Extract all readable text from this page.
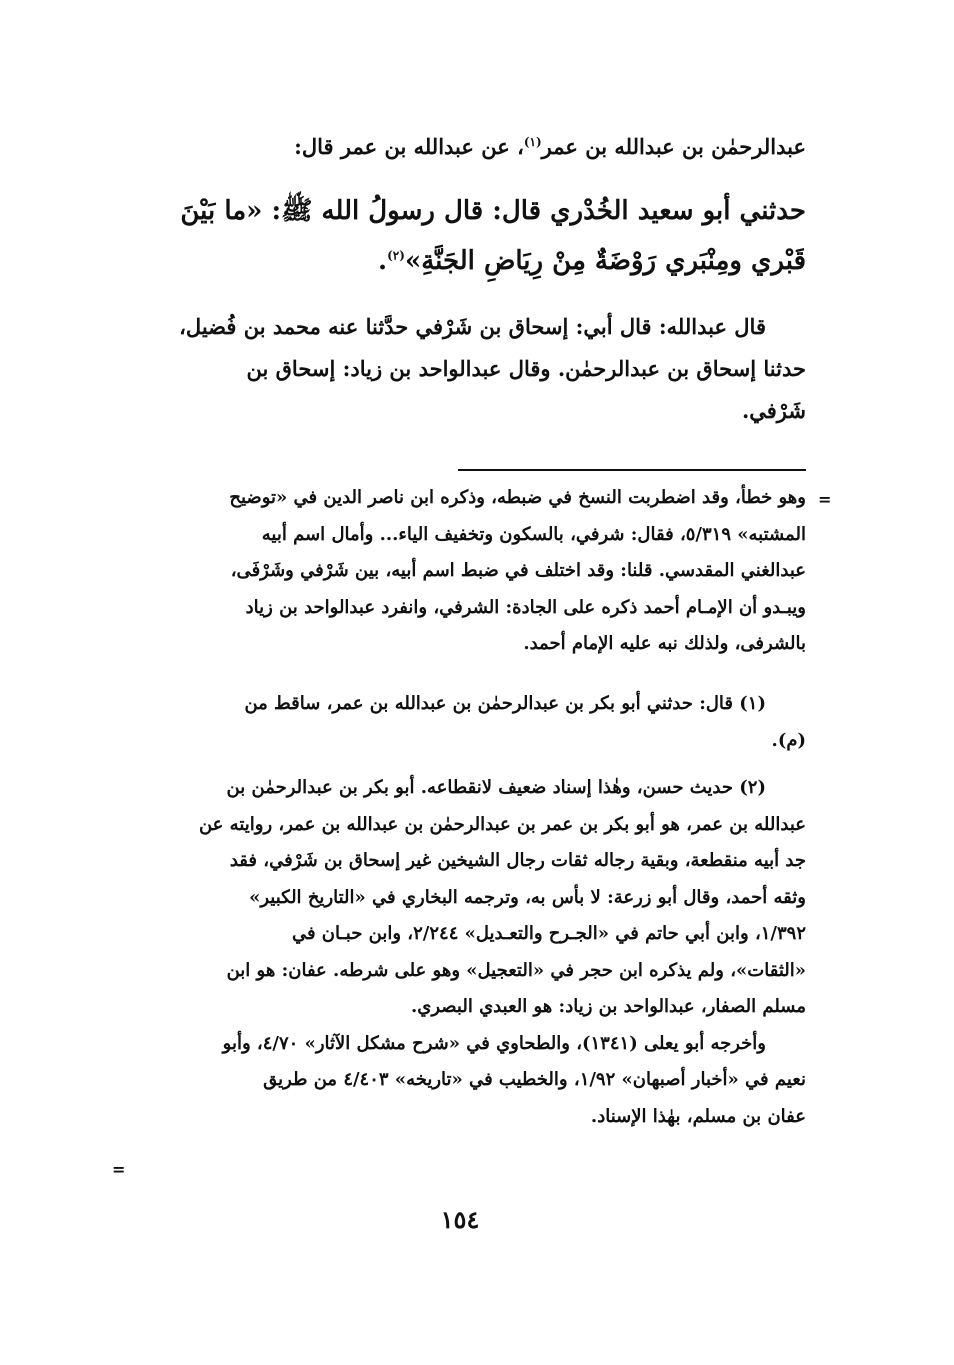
عبدالرحمٰن بن عبدالله بن عمر$^{(١)}$، عن عبدالله بن عمر قال:
حدثني أبو سعيد الخُدْري قال: قال رسولُ الله ﷺ: «ما بَيْنَ
قَبْري ومِنْبَري رَوْضَةٌ مِنْ رِيَاضِ الجَنَّةِ»$^{(٢)}$.
قال عبدالله: قال أبي: إسحاق بن شَرْفي حدَّثنا عنه محمد بن فُضيل،
حدثنا إسحاق بن عبدالرحمٰن. وقال عبدالواحد بن زياد: إسحاق بن
شَرْفي.
=
وهو خطأ، وقد اضطربت النسخ في ضبطه، وذكره ابن ناصر الدين في «توضيح
المشتبه» ٥/٣١٩، فقال: شرفي، بالسكون وتخفيف الياء... وأمال اسم أبيه
عبدالغني المقدسي. قلنا: وقد اختلف في ضبط اسم أبيه، بين شَرْفي وشَرْفَى،
ويبـدو أن الإمـام أحمد ذكره على الجادة: الشرفي، وانفرد عبدالواحد بن زياد
بالشرفى، ولذلك نبه عليه الإمام أحمد.
(١) قال: حدثني أبو بكر بن عبدالرحمٰن بن عبدالله بن عمر، ساقط من
(م).
(٢) حديث حسن، وهٰذا إسناد ضعيف لانقطاعه. أبو بكر بن عبدالرحمٰن بن
عبدالله بن عمر، هو أبو بكر بن عمر بن عبدالرحمٰن بن عبدالله بن عمر، روايته عن
جد أبيه منقطعة، وبقية رجاله ثقات رجال الشيخين غير إسحاق بن شَرْفي، فقد
وثقه أحمد، وقال أبو زرعة: لا بأس به، وترجمه البخاري في «التاريخ الكبير»
١/٣٩٢، وابن أبي حاتم في «الجـرح والتعـديل» ٢/٢٤٤، وابن حبـان في
«الثقات»، ولم يذكره ابن حجر في «التعجيل» وهو على شرطه. عفان: هو ابن
مسلم الصفار، عبدالواحد بن زياد: هو العبدي البصري.
وأخرجه أبو يعلى (١٣٤١)، والطحاوي في «شرح مشكل الآثار» ٤/٧٠، وأبو
نعيم في «أخبار أصبهان» ١/٩٢، والخطيب في «تاريخه» ٤/٤٠٣ من طريق
عفان بن مسلم، بهٰذا الإسناد.
=
١٥٤
